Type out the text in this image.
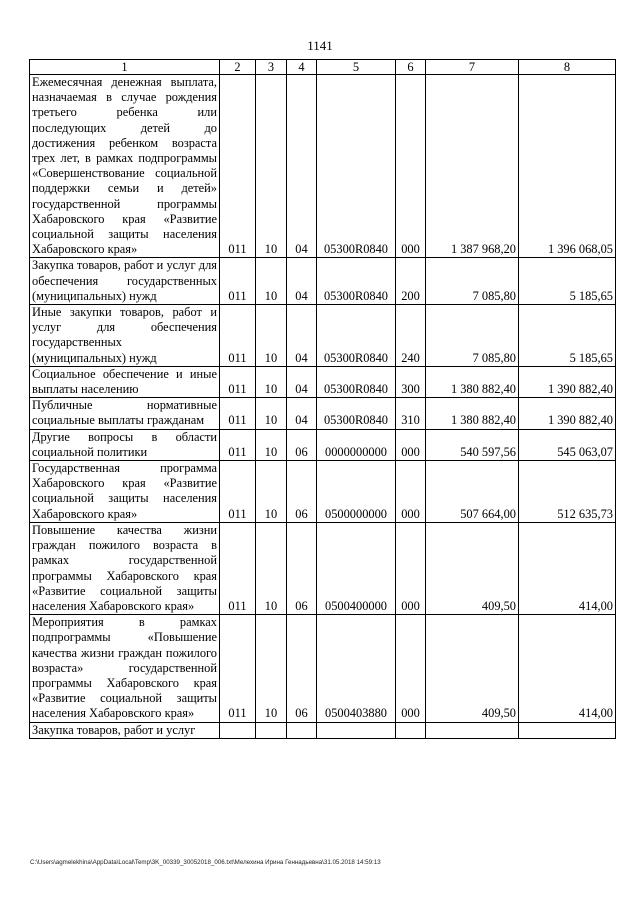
1141
1	2	3	4	5	6	7	8
Ежемесячная денежная выплата, назначаемая в случае рождения третьего ребенка или последующих детей до достижения ребенком возраста трех лет, в рамках подпрограммы «Совершенствование социальной поддержки семьи и детей» государственной программы Хабаровского края «Развитие социальной защиты населения Хабаровского края»	011	10	04	05300R0840	000	1 387 968,20	1 396 068,05
Закупка товаров, работ и услуг для обеспечения государственных (муниципальных) нужд	011	10	04	05300R0840	200	7 085,80	5 185,65
Иные закупки товаров, работ и услуг для обеспечения государственных (муниципальных) нужд	011	10	04	05300R0840	240	7 085,80	5 185,65
Социальное обеспечение и иные выплаты населению	011	10	04	05300R0840	300	1 380 882,40	1 390 882,40
Публичные нормативные социальные выплаты гражданам	011	10	04	05300R0840	310	1 380 882,40	1 390 882,40
Другие вопросы в области социальной политики	011	10	06	0000000000	000	540 597,56	545 063,07
Государственная программа Хабаровского края «Развитие социальной защиты населения Хабаровского края»	011	10	06	0500000000	000	507 664,00	512 635,73
Повышение качества жизни граждан пожилого возраста в рамках государственной программы Хабаровского края «Развитие социальной защиты населения Хабаровского края»	011	10	06	0500400000	000	409,50	414,00
Мероприятия в рамках подпрограммы «Повышение качества жизни граждан пожилого возраста» государственной программы Хабаровского края «Развитие социальной защиты населения Хабаровского края»	011	10	06	0500403880	000	409,50	414,00
Закупка товаров, работ и услуг							
C:\Users\agmelekhina\AppData\Local\Temp\3K_00339_30052018_006.txt\Мелехина Ирина Геннадьевна\31.05.2018 14:59:13
